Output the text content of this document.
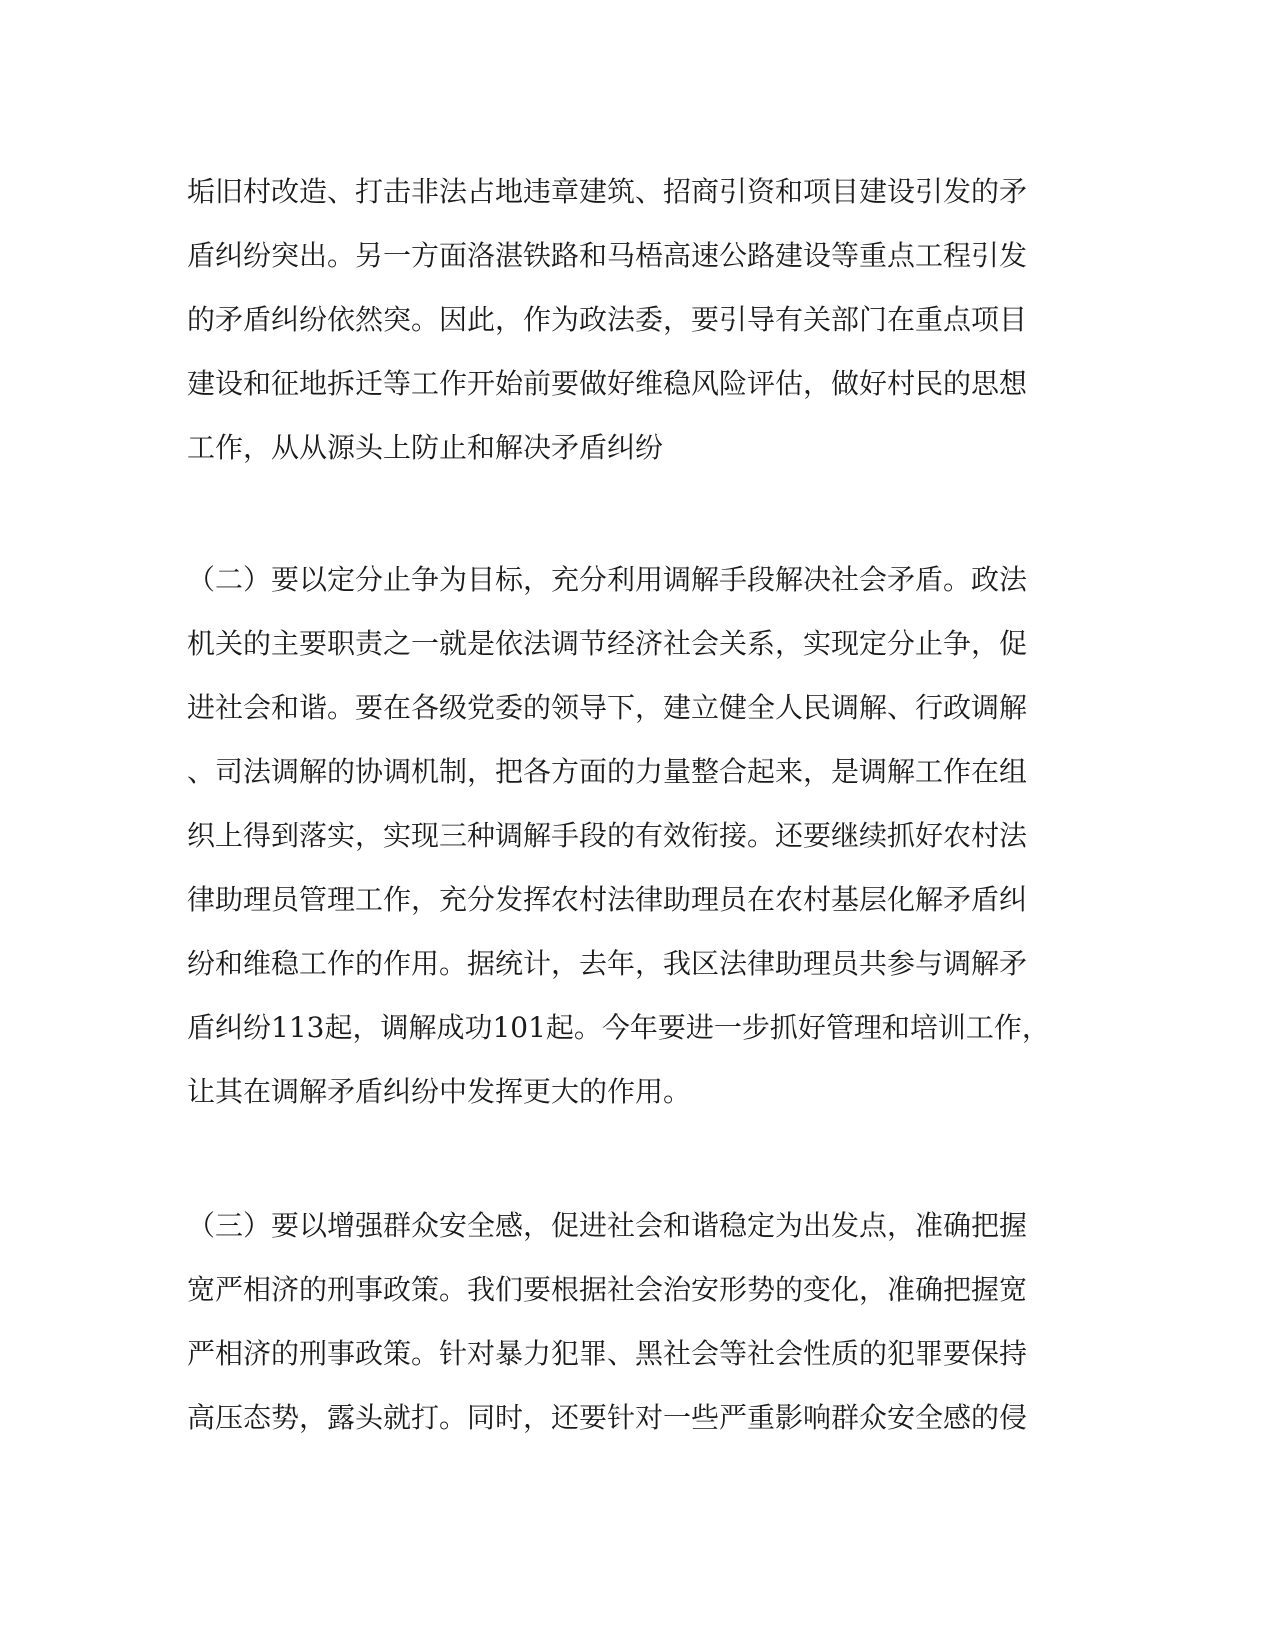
垢旧村改造、打击非法占地违章建筑、招商引资和项目建设引发的矛
盾纠纷突出。另一方面洛湛铁路和马梧高速公路建设等重点工程引发
的矛盾纠纷依然突。因此，作为政法委，要引导有关部门在重点项目
建设和征地拆迁等工作开始前要做好维稳风险评估，做好村民的思想
工作，从从源头上防止和解决矛盾纠纷
（二）要以定分止争为目标，充分利用调解手段解决社会矛盾。政法
机关的主要职责之一就是依法调节经济社会关系，实现定分止争，促
进社会和谐。要在各级党委的领导下，建立健全人民调解、行政调解
、司法调解的协调机制，把各方面的力量整合起来，是调解工作在组
织上得到落实，实现三种调解手段的有效衔接。还要继续抓好农村法
律助理员管理工作，充分发挥农村法律助理员在农村基层化解矛盾纠
纷和维稳工作的作用。据统计，去年，我区法律助理员共参与调解矛
盾纠纷113起，调解成功101起。今年要进一步抓好管理和培训工作，
让其在调解矛盾纠纷中发挥更大的作用。
（三）要以增强群众安全感，促进社会和谐稳定为出发点，准确把握
宽严相济的刑事政策。我们要根据社会治安形势的变化，准确把握宽
严相济的刑事政策。针对暴力犯罪、黑社会等社会性质的犯罪要保持
高压态势，露头就打。同时，还要针对一些严重影响群众安全感的侵
